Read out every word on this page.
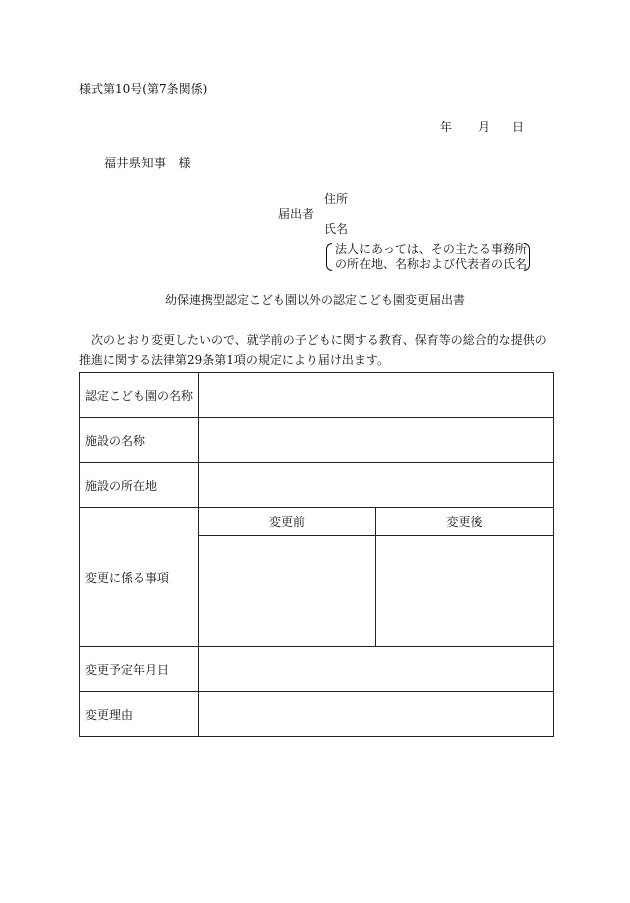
様式第10号(第7条関係)
年 月 日
福井県知事 様
住所
届出者
氏名
法人にあっては、その主たる事務所
の所在地、名称および代表者の氏名
幼保連携型認定こども園以外の認定こども園変更届出書
次のとおり変更したいので、就学前の子どもに関する教育、保育等の総合的な提供の推進に関する法律第29条第1項の規定により届け出ます。
認定こども園の名称		
施設の名称		
施設の所在地		
変更に係る事項	変更前	変更後

変更予定年月日		
変更理由		
